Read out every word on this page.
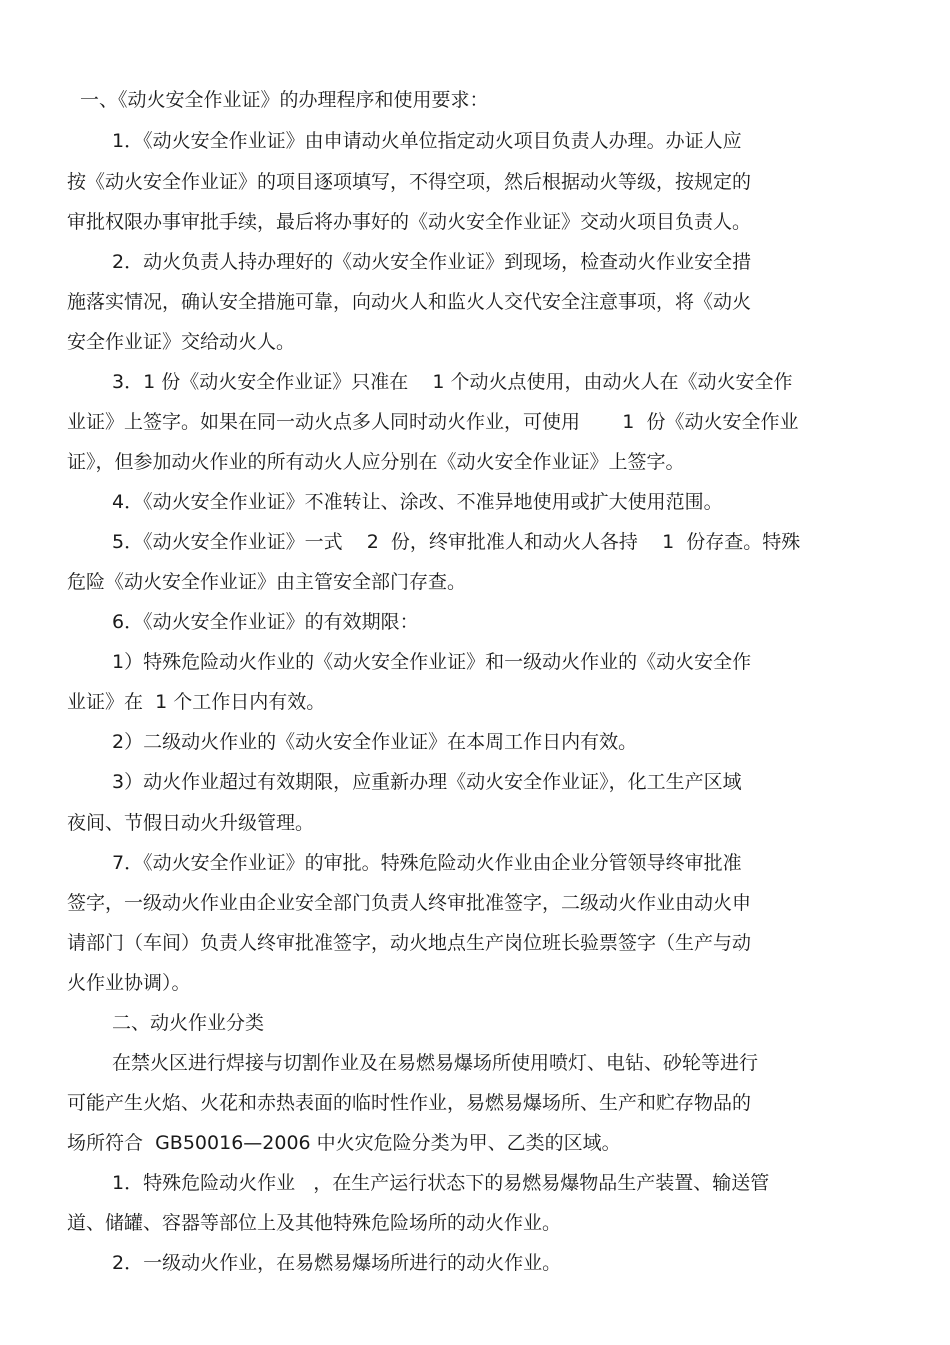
一、《动火安全作业证》的办理程序和使用要求：
1．《动火安全作业证》由申请动火单位指定动火项目负责人办理。办证人应
按《动火安全作业证》的项目逐项填写，不得空项，然后根据动火等级，按规定的
审批权限办事审批手续，最后将办事好的《动火安全作业证》交动火项目负责人。
2．动火负责人持办理好的《动火安全作业证》到现场，检查动火作业安全措
施落实情况，确认安全措施可靠，向动火人和监火人交代安全注意事项，将《动火
安全作业证》交给动火人。
3．1 份《动火安全作业证》只准在    1 个动火点使用，由动火人在《动火安全作
业证》上签字。如果在同一动火点多人同时动火作业，可使用       1  份《动火安全作业
证》，但参加动火作业的所有动火人应分别在《动火安全作业证》上签字。
4．《动火安全作业证》不准转让、涂改、不准异地使用或扩大使用范围。
5．《动火安全作业证》一式    2  份，终审批准人和动火人各持    1  份存查。特殊
危险《动火安全作业证》由主管安全部门存查。
6．《动火安全作业证》的有效期限：
1）特殊危险动火作业的《动火安全作业证》和一级动火作业的《动火安全作
业证》在  1 个工作日内有效。
2）二级动火作业的《动火安全作业证》在本周工作日内有效。
3）动火作业超过有效期限，应重新办理《动火安全作业证》，化工生产区域
夜间、节假日动火升级管理。
7．《动火安全作业证》的审批。特殊危险动火作业由企业分管领导终审批准
签字，一级动火作业由企业安全部门负责人终审批准签字，二级动火作业由动火申
请部门（车间）负责人终审批准签字，动火地点生产岗位班长验票签字（生产与动
火作业协调）。
二、动火作业分类
在禁火区进行焊接与切割作业及在易燃易爆场所使用喷灯、电钻、砂轮等进行
可能产生火焰、火花和赤热表面的临时性作业，易燃易爆场所、生产和贮存物品的
场所符合  GB50016—2006 中火灾危险分类为甲、乙类的区域。
1．特殊危险动火作业   ，在生产运行状态下的易燃易爆物品生产装置、输送管
道、储罐、容器等部位上及其他特殊危险场所的动火作业。
2．一级动火作业，在易燃易爆场所进行的动火作业。
